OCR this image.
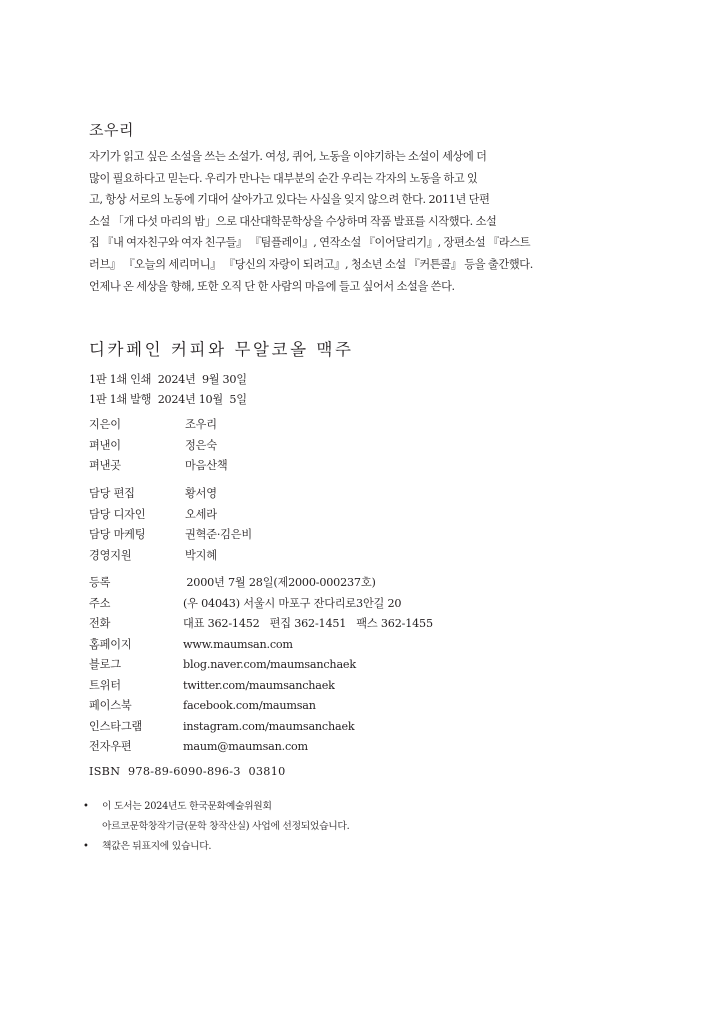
조우리

자기가 읽고 싶은 소설을 쓰는 소설가. 여성, 퀴어, 노동을 이야기하는 소설이 세상에 더

많이 필요하다고 믿는다. 우리가 만나는 대부분의 순간 우리는 각자의 노동을 하고 있

고, 항상 서로의 노동에 기대어 살아가고 있다는 사실을 잊지 않으려 한다. 2011년 단편

소설 「개 다섯 마리의 밤」으로 대산대학문학상을 수상하며 작품 발표를 시작했다. 소설

집 『내 여자친구와 여자 친구들』 『팀플레이』, 연작소설 『이어달리기』, 장편소설 『라스트

러브』 『오늘의 세리머니』 『당신의 자랑이 되려고』, 청소년 소설 『커튼콜』 등을 출간했다.

언제나 온 세상을 향해, 또한 오직 단 한 사람의 마음에 들고 싶어서 소설을 쓴다.

디카페인 커피와 무알코올 맥주
1판 1쇄 인쇄  2024년  9월 30일
1판 1쇄 발행  2024년 10월  5일
지은이	조우리
펴낸이	정은숙
펴낸곳	마음산책
담당 편집	황서영
담당 디자인	오세라
담당 마케팅	권혁준·김은비
경영지원	박지혜
등록	2000년 7월 28일(제2000-000237호)
주소	(우 04043) 서울시 마포구 잔다리로3안길 20
전화	대표 362-1452   편집 362-1451   팩스 362-1455
홈페이지	www.maumsan.com
블로그	blog.naver.com/maumsanchaek
트위터	twitter.com/maumsanchaek
페이스북	facebook.com/maumsan
인스타그램	instagram.com/maumsanchaek
전자우편	maum@maumsan.com
ISBN  978-89-6090-896-3  03810
•	이 도서는 2024년도 한국문화예술위원회
아르코문학창작기금(문학 창작산실) 사업에 선정되었습니다.
•	책값은 뒤표지에 있습니다.
